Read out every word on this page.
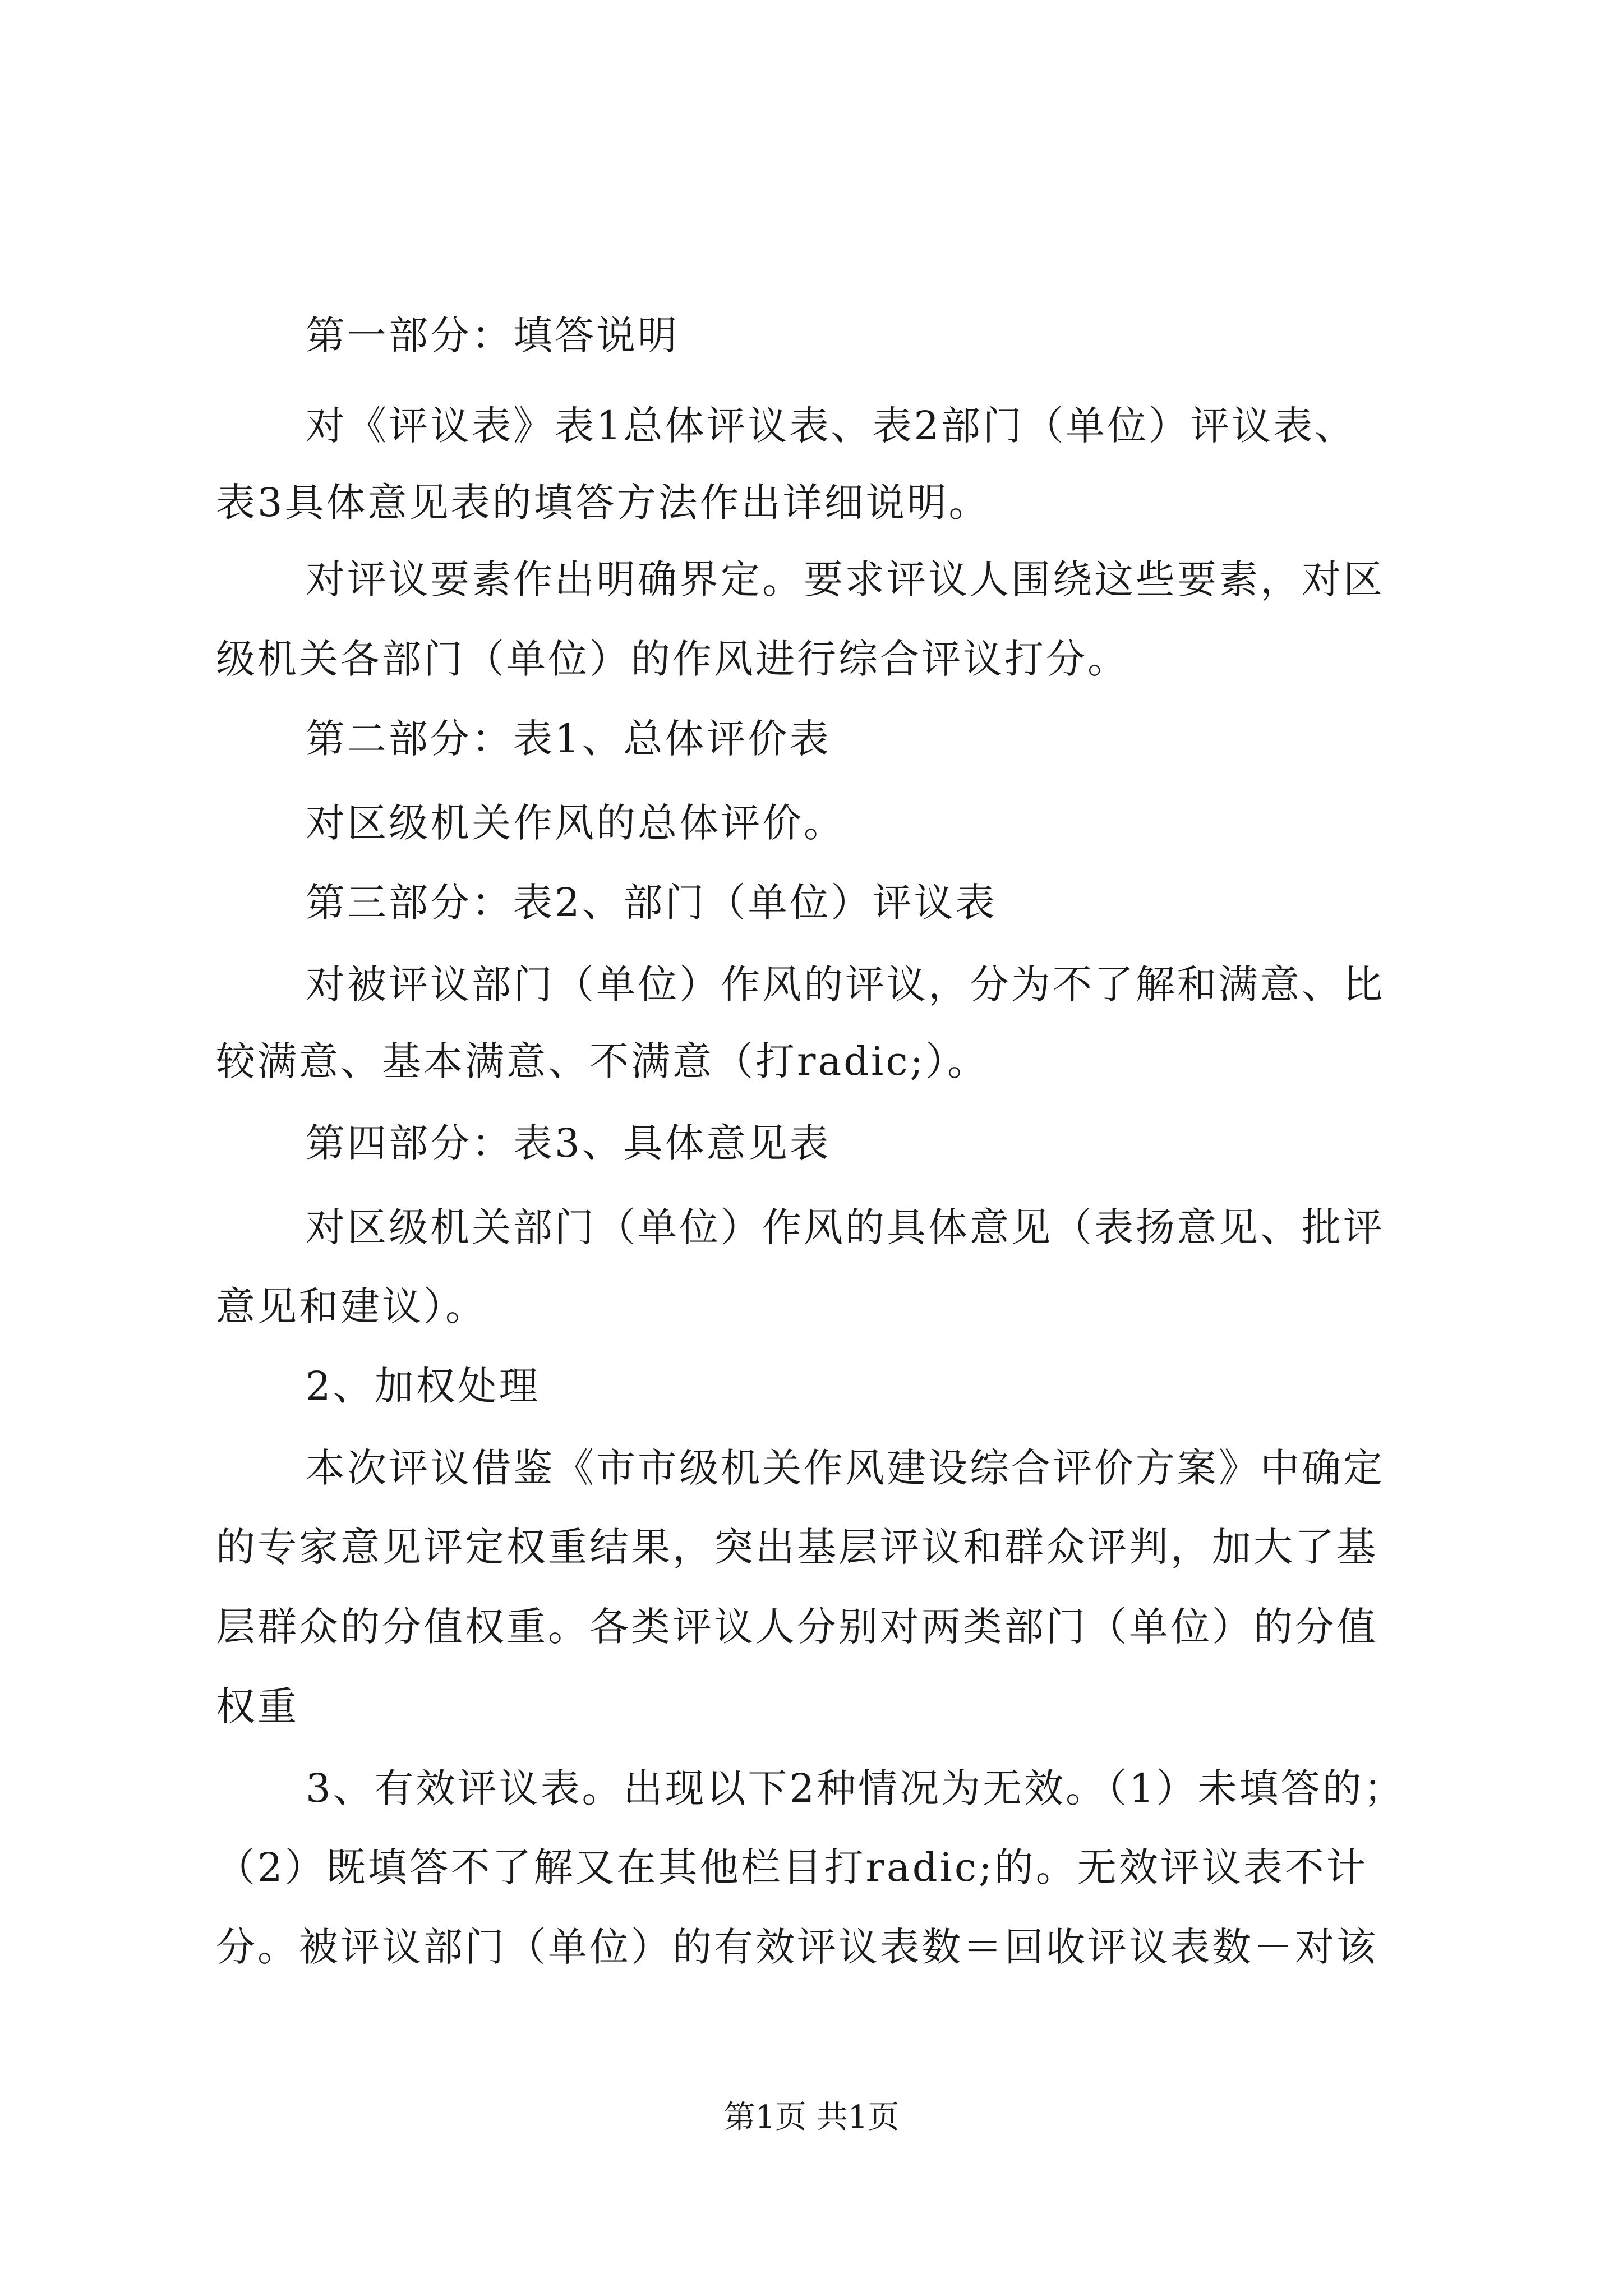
第一部分：填答说明
对《评议表》表1总体评议表、表2部门（单位）评议表、
表3具体意见表的填答方法作出详细说明。
对评议要素作出明确界定。要求评议人围绕这些要素，对区
级机关各部门（单位）的作风进行综合评议打分。
第二部分：表1、总体评价表
对区级机关作风的总体评价。
第三部分：表2、部门（单位）评议表
对被评议部门（单位）作风的评议，分为不了解和满意、比
较满意、基本满意、不满意（打radic;）。
第四部分：表3、具体意见表
对区级机关部门（单位）作风的具体意见（表扬意见、批评
意见和建议）。
2、加权处理
本次评议借鉴《市市级机关作风建设综合评价方案》中确定
的专家意见评定权重结果，突出基层评议和群众评判，加大了基
层群众的分值权重。各类评议人分别对两类部门（单位）的分值
权重
3、有效评议表。出现以下2种情况为无效。（1）未填答的；
（2）既填答不了解又在其他栏目打radic;的。无效评议表不计
分。被评议部门（单位）的有效评议表数＝回收评议表数－对该
第1页 共1页
